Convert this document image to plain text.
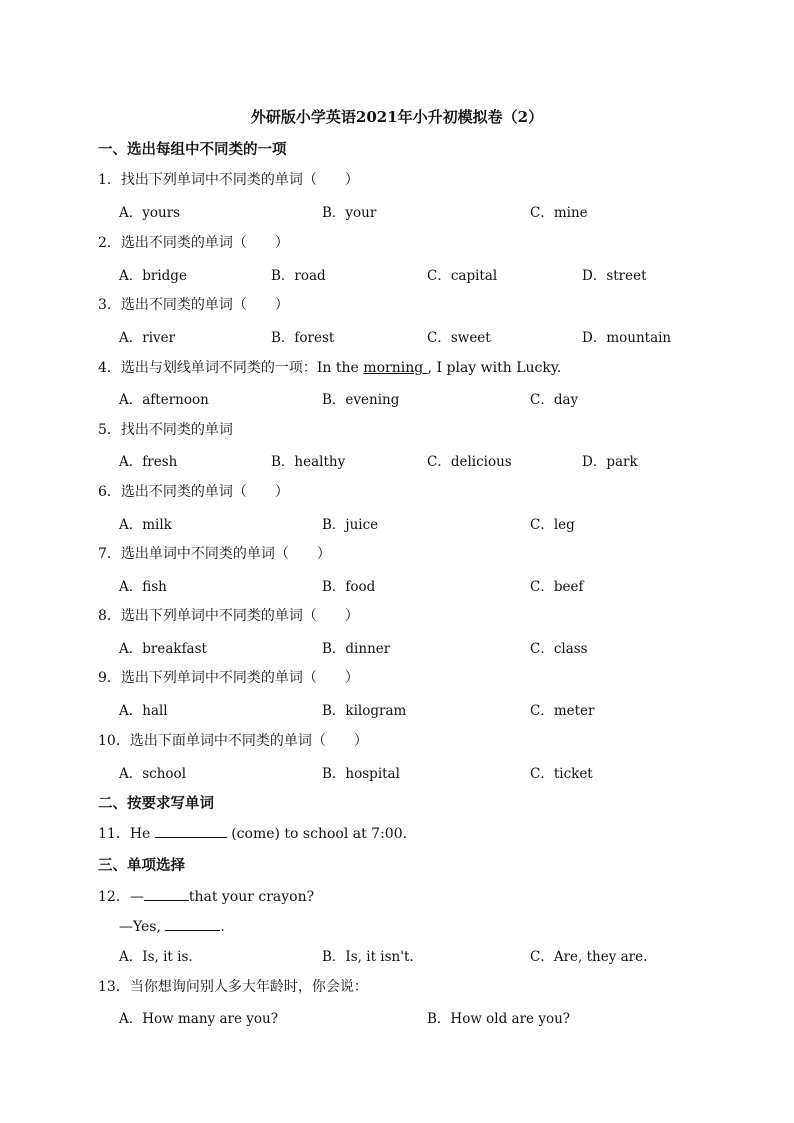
外研版小学英语2021年小升初模拟卷（2）
一、选出每组中不同类的一项
1．找出下列单词中不同类的单词（　　）
A．yours	B．your	C．mine
2．选出不同类的单词（　　）
A．bridge	B．road	C．capital	D．street
3．选出不同类的单词（　　）
A．river	B．forest	C．sweet	D．mountain
4．选出与划线单词不同类的一项：In the morning , I play with Lucky.
A．afternoon	B．evening	C．day
5．找出不同类的单词
A．fresh	B．healthy	C．delicious	D．park
6．选出不同类的单词（　　）
A．milk	B．juice	C．leg
7．选出单词中不同类的单词（　　）
A．fish	B．food	C．beef
8．选出下列单词中不同类的单词（　　）
A．breakfast	B．dinner	C．class
9．选出下列单词中不同类的单词（　　）
A．hall	B．kilogram	C．meter
10．选出下面单词中不同类的单词（　　）
A．school	B．hospital	C．ticket
二、按要求写单词
11．He	(come) to school at 7:00.
三、单项选择
12．—	that your crayon?
—Yes,	.
A．Is, it is.	B．Is, it isn't.	C．Are, they are.
13．当你想询问别人多大年龄时，你会说：
A．How many are you?	B．How old are you?
